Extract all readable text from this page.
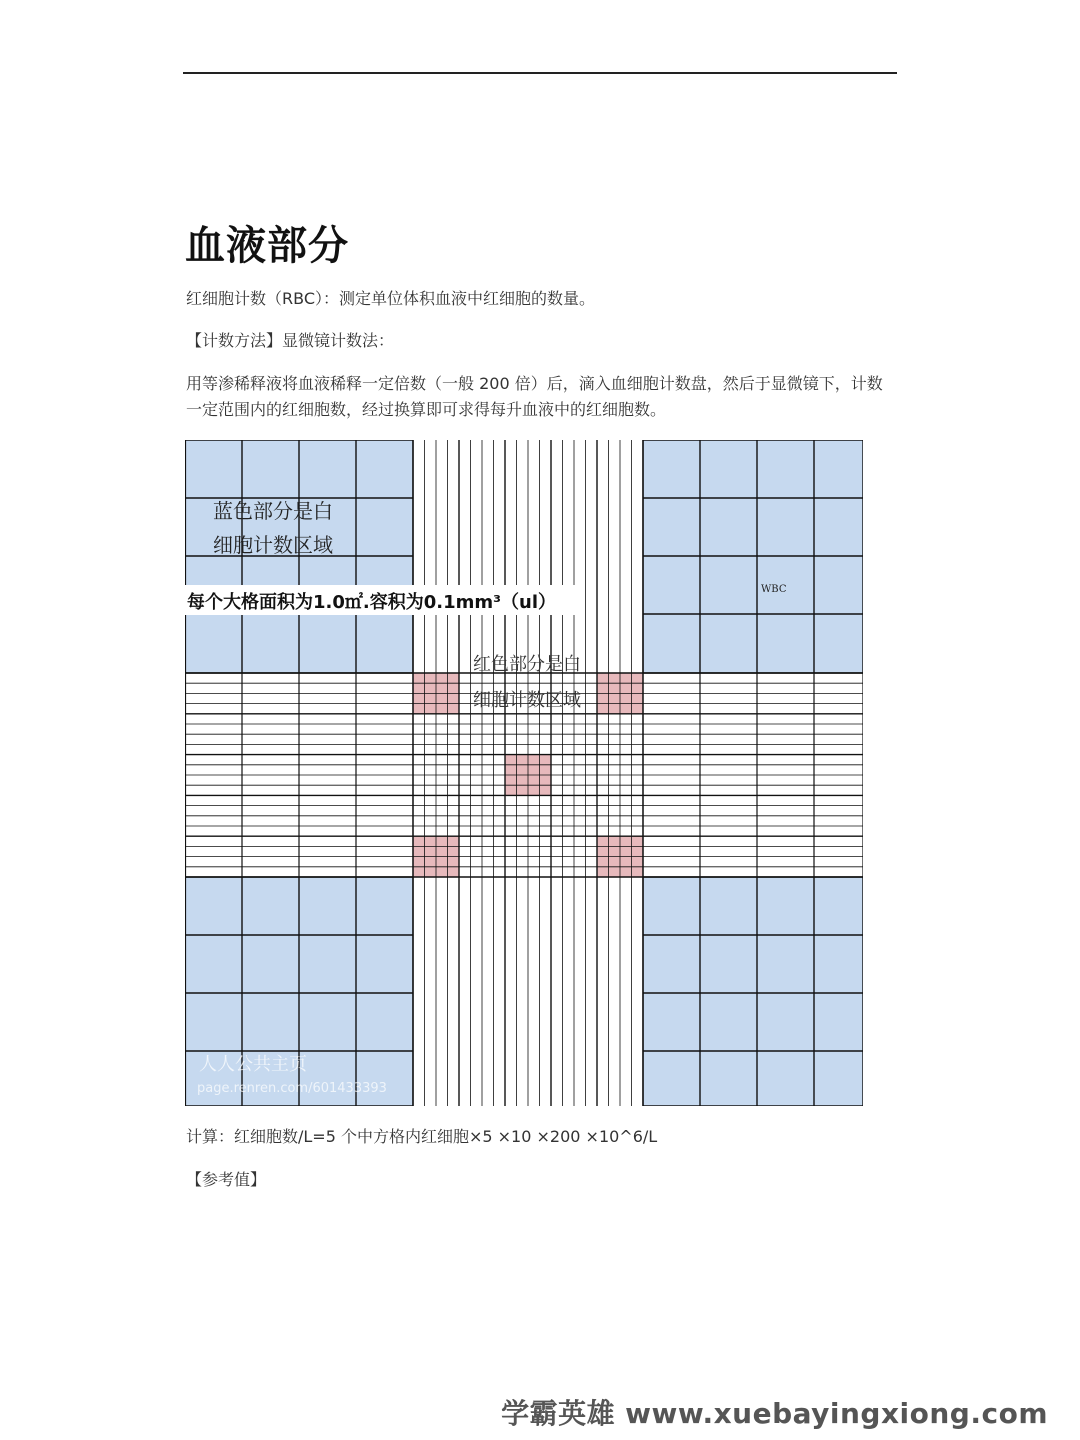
血液部分

红细胞计数（RBC）：测定单位体积血液中红细胞的数量。

【计数方法】显微镜计数法：

用等渗稀释液将血液稀释一定倍数（一般 200 倍）后，滴入血细胞计数盘，然后于显微镜下，计数一定范围内的红细胞数，经过换算即可求得每升血液中的红细胞数。

蓝色部分是白
细胞计数区域
每个大格面积为1.0㎡.容积为0.1mm³（ul）
WBC
红色部分是白
细胞计数区域
人人公共主页
page.renren.com/601433393

计算：红细胞数/L=5 个中方格内红细胞×5 ×10 ×200 ×10^6/L

【参考值】

学霸英雄 www.xuebayingxiong.com
